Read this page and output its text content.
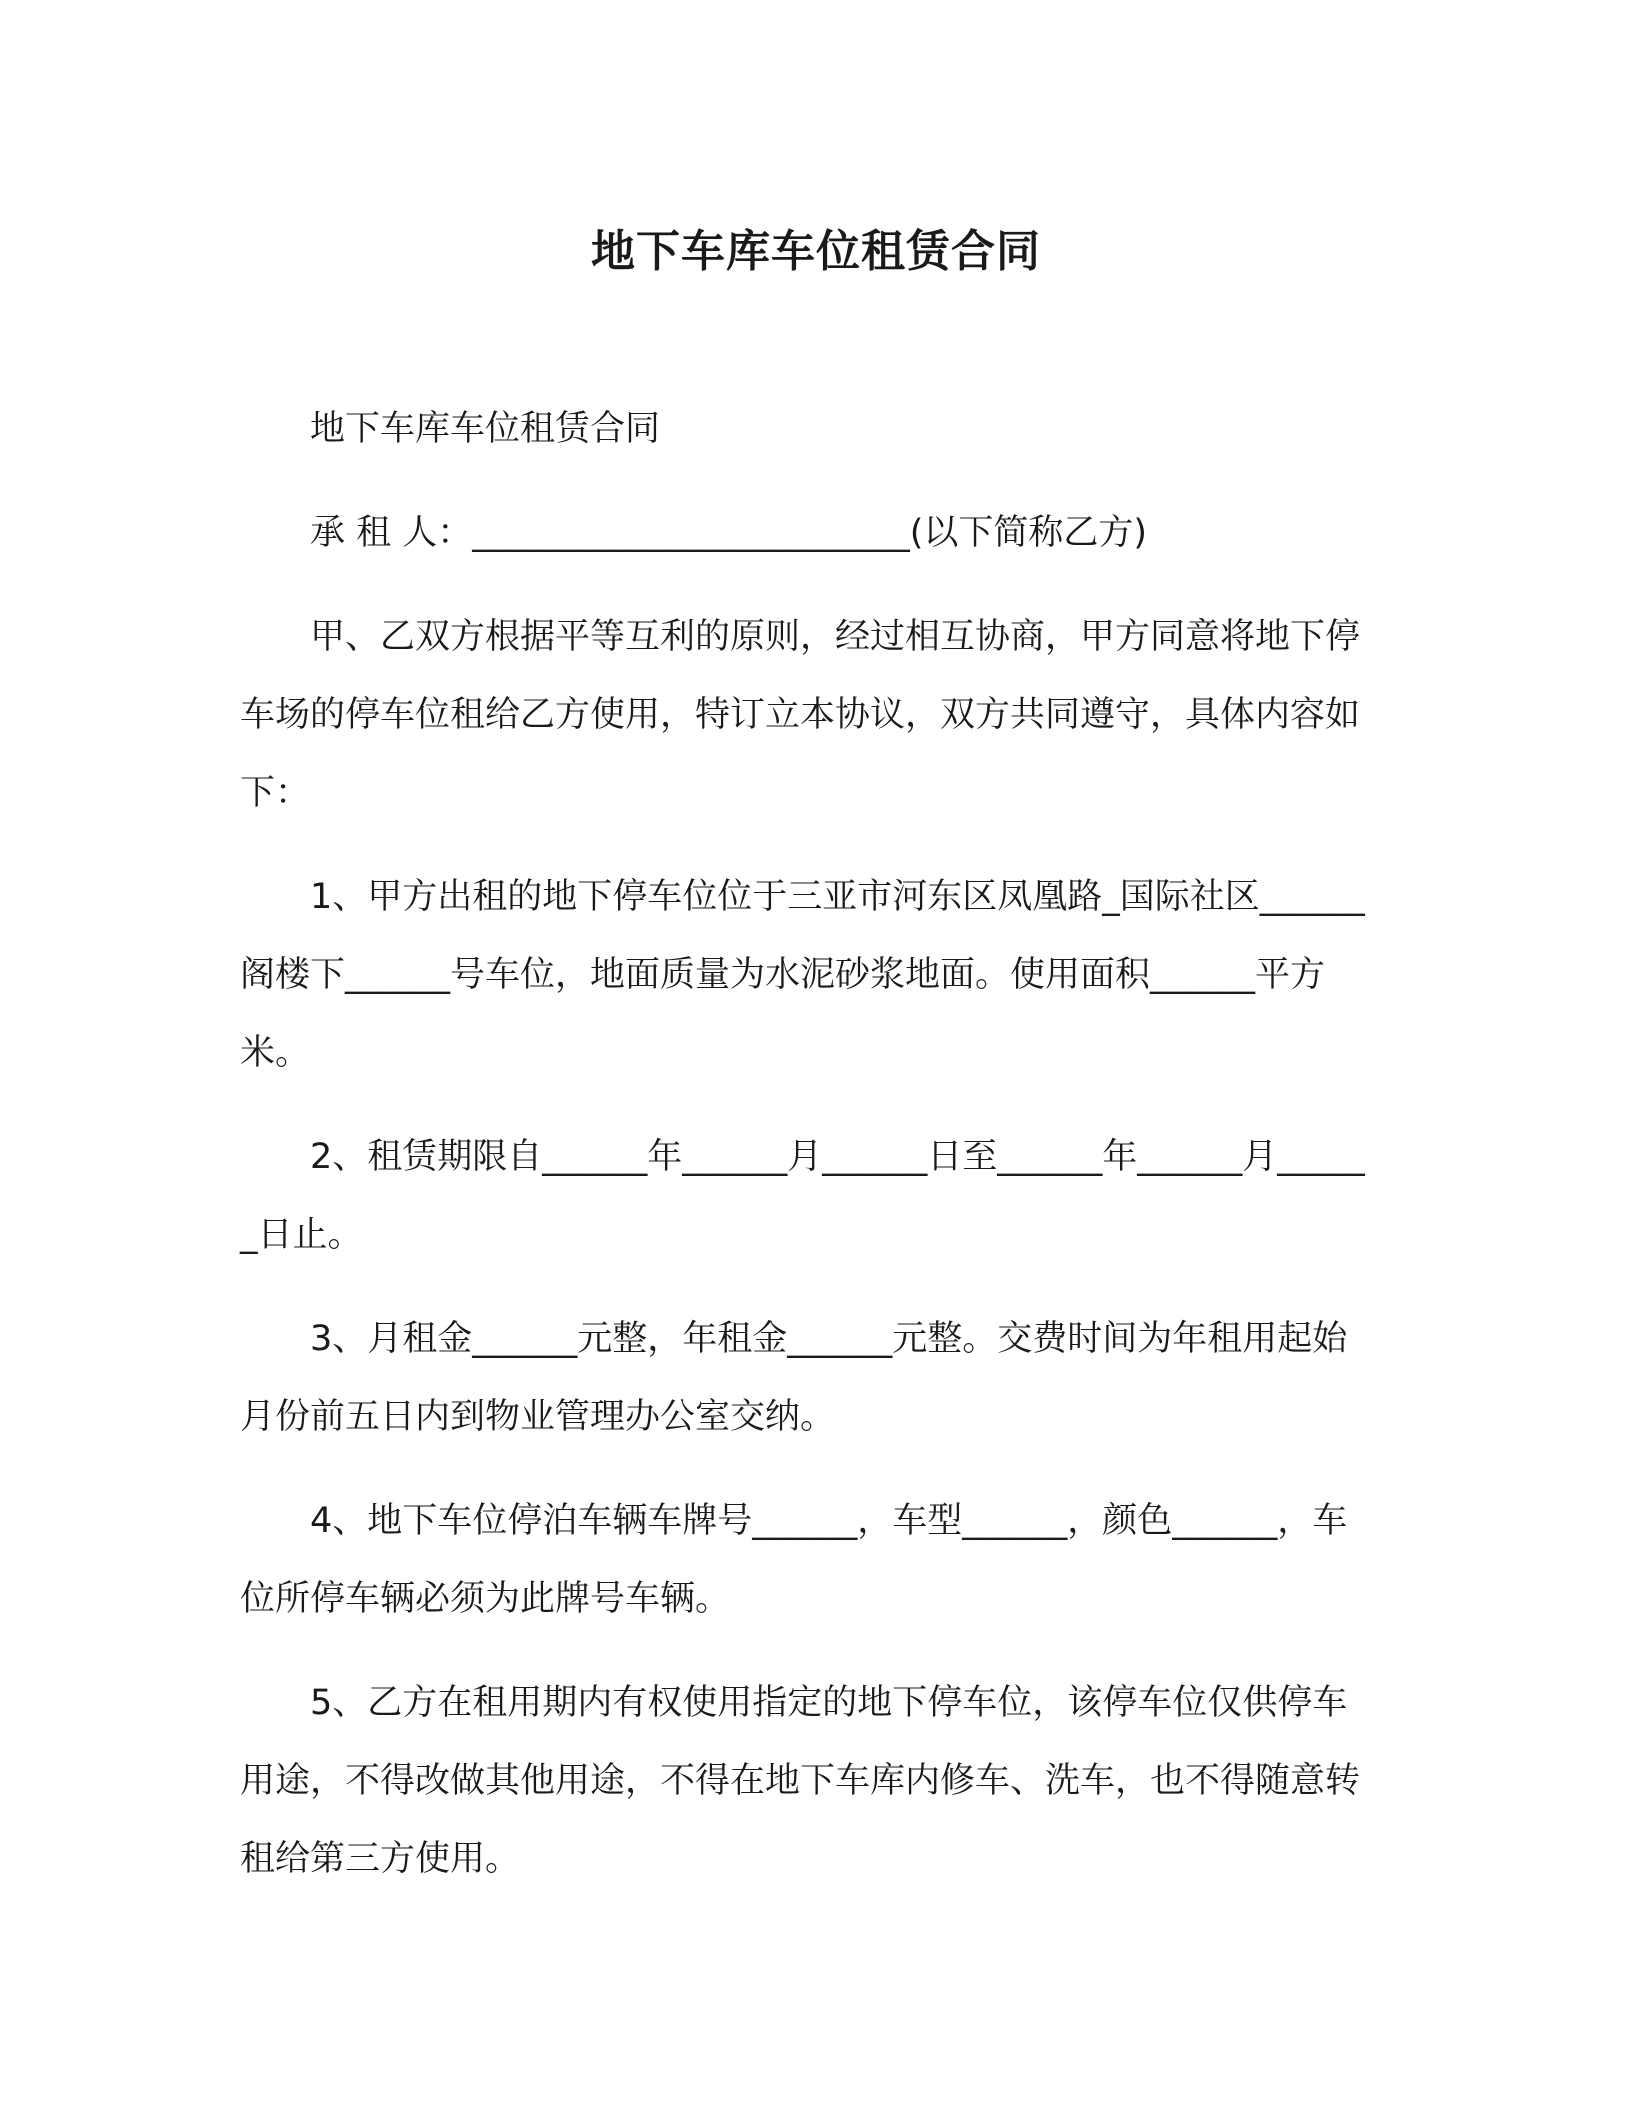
地下车库车位租赁合同

地下车库车位租赁合同

承 租 人：_________________________(以下简称乙方)

甲、乙双方根据平等互利的原则，经过相互协商，甲方同意将地下停车场的停车位租给乙方使用，特订立本协议，双方共同遵守，具体内容如下：

1、甲方出租的地下停车位位于三亚市河东区凤凰路_国际社区______阁楼下______号车位，地面质量为水泥砂浆地面。使用面积______平方米。

2、租赁期限自______年______月______日至______年______月______日止。

3、月租金______元整，年租金______元整。交费时间为年租用起始月份前五日内到物业管理办公室交纳。

4、地下车位停泊车辆车牌号______，车型______，颜色______，车位所停车辆必须为此牌号车辆。

5、乙方在租用期内有权使用指定的地下停车位，该停车位仅供停车用途，不得改做其他用途，不得在地下车库内修车、洗车，也不得随意转租给第三方使用。
